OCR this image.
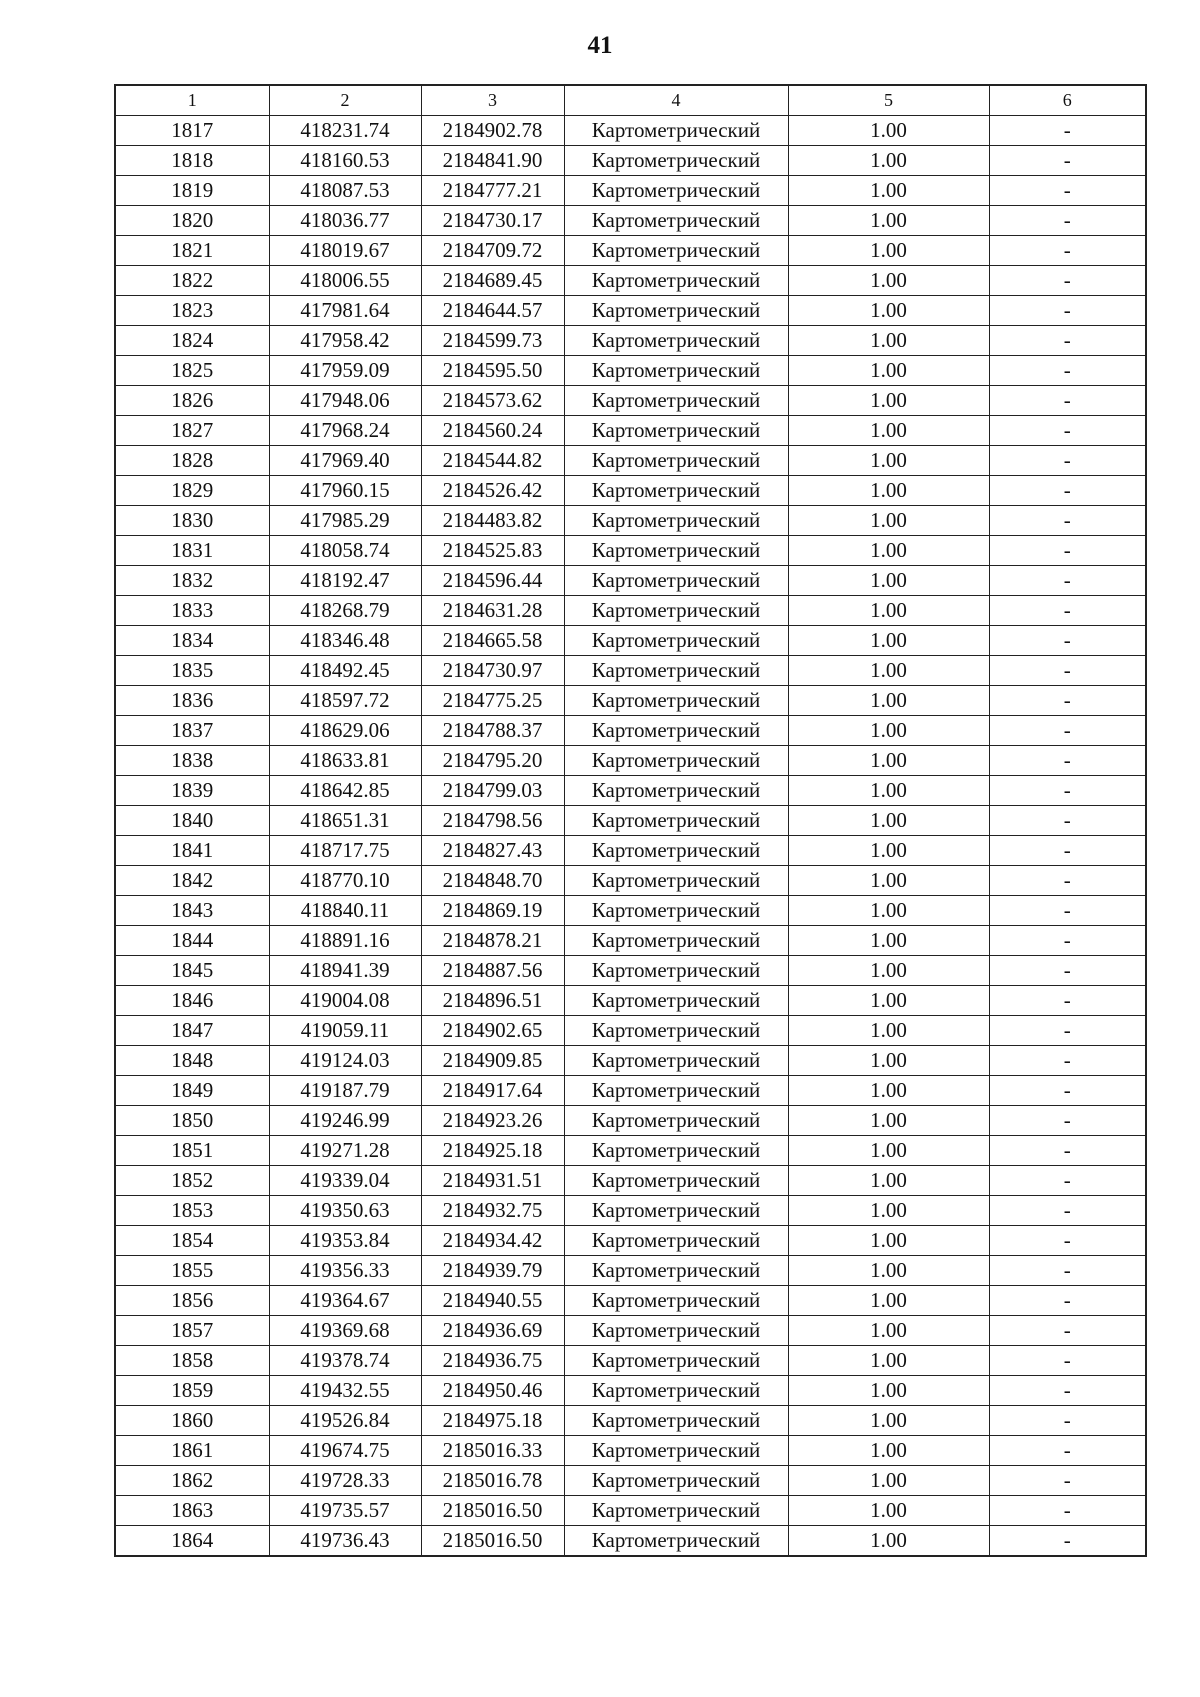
41
1	2	3	4	5	6
1817	418231.74	2184902.78	Картометрический	1.00	-
1818	418160.53	2184841.90	Картометрический	1.00	-
1819	418087.53	2184777.21	Картометрический	1.00	-
1820	418036.77	2184730.17	Картометрический	1.00	-
1821	418019.67	2184709.72	Картометрический	1.00	-
1822	418006.55	2184689.45	Картометрический	1.00	-
1823	417981.64	2184644.57	Картометрический	1.00	-
1824	417958.42	2184599.73	Картометрический	1.00	-
1825	417959.09	2184595.50	Картометрический	1.00	-
1826	417948.06	2184573.62	Картометрический	1.00	-
1827	417968.24	2184560.24	Картометрический	1.00	-
1828	417969.40	2184544.82	Картометрический	1.00	-
1829	417960.15	2184526.42	Картометрический	1.00	-
1830	417985.29	2184483.82	Картометрический	1.00	-
1831	418058.74	2184525.83	Картометрический	1.00	-
1832	418192.47	2184596.44	Картометрический	1.00	-
1833	418268.79	2184631.28	Картометрический	1.00	-
1834	418346.48	2184665.58	Картометрический	1.00	-
1835	418492.45	2184730.97	Картометрический	1.00	-
1836	418597.72	2184775.25	Картометрический	1.00	-
1837	418629.06	2184788.37	Картометрический	1.00	-
1838	418633.81	2184795.20	Картометрический	1.00	-
1839	418642.85	2184799.03	Картометрический	1.00	-
1840	418651.31	2184798.56	Картометрический	1.00	-
1841	418717.75	2184827.43	Картометрический	1.00	-
1842	418770.10	2184848.70	Картометрический	1.00	-
1843	418840.11	2184869.19	Картометрический	1.00	-
1844	418891.16	2184878.21	Картометрический	1.00	-
1845	418941.39	2184887.56	Картометрический	1.00	-
1846	419004.08	2184896.51	Картометрический	1.00	-
1847	419059.11	2184902.65	Картометрический	1.00	-
1848	419124.03	2184909.85	Картометрический	1.00	-
1849	419187.79	2184917.64	Картометрический	1.00	-
1850	419246.99	2184923.26	Картометрический	1.00	-
1851	419271.28	2184925.18	Картометрический	1.00	-
1852	419339.04	2184931.51	Картометрический	1.00	-
1853	419350.63	2184932.75	Картометрический	1.00	-
1854	419353.84	2184934.42	Картометрический	1.00	-
1855	419356.33	2184939.79	Картометрический	1.00	-
1856	419364.67	2184940.55	Картометрический	1.00	-
1857	419369.68	2184936.69	Картометрический	1.00	-
1858	419378.74	2184936.75	Картометрический	1.00	-
1859	419432.55	2184950.46	Картометрический	1.00	-
1860	419526.84	2184975.18	Картометрический	1.00	-
1861	419674.75	2185016.33	Картометрический	1.00	-
1862	419728.33	2185016.78	Картометрический	1.00	-
1863	419735.57	2185016.50	Картометрический	1.00	-
1864	419736.43	2185016.50	Картометрический	1.00	-
